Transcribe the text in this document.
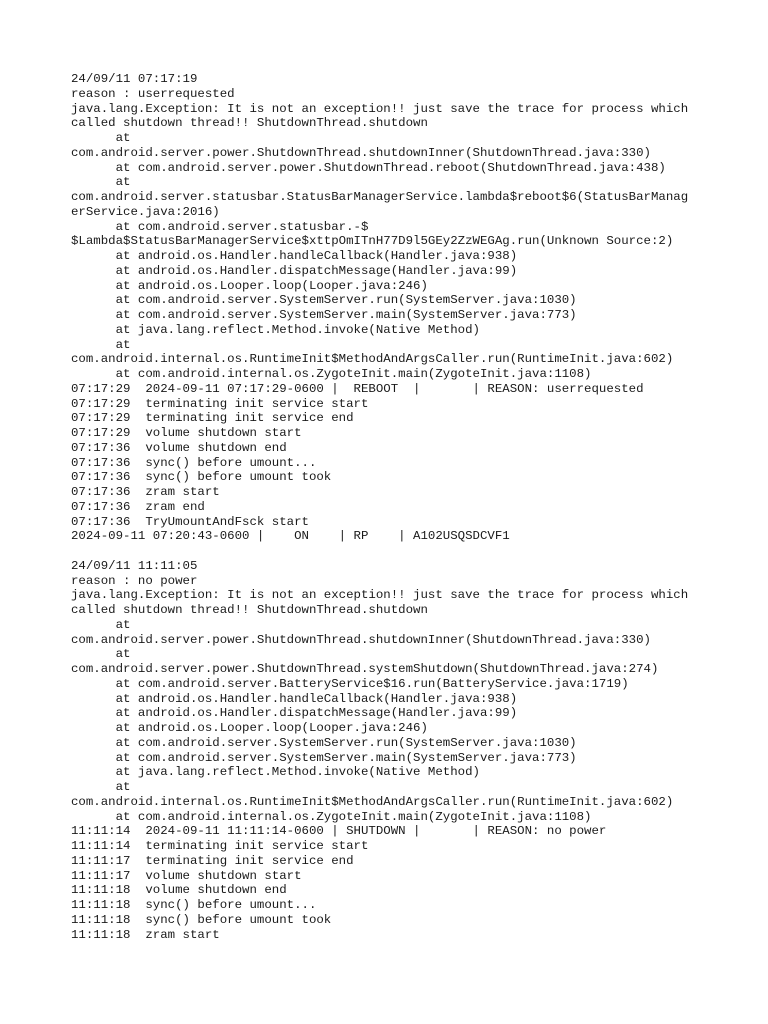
24/09/11 07:17:19
reason : userrequested
java.lang.Exception: It is not an exception!! just save the trace for process which
called shutdown thread!! ShutdownThread.shutdown
at
com.android.server.power.ShutdownThread.shutdownInner(ShutdownThread.java:330)
at com.android.server.power.ShutdownThread.reboot(ShutdownThread.java:438)
at
com.android.server.statusbar.StatusBarManagerService.lambda$reboot$6(StatusBarManag
erService.java:2016)
at com.android.server.statusbar.-$
$Lambda$StatusBarManagerService$xttpOmITnH77D9l5GEy2ZzWEGAg.run(Unknown Source:2)
at android.os.Handler.handleCallback(Handler.java:938)
at android.os.Handler.dispatchMessage(Handler.java:99)
at android.os.Looper.loop(Looper.java:246)
at com.android.server.SystemServer.run(SystemServer.java:1030)
at com.android.server.SystemServer.main(SystemServer.java:773)
at java.lang.reflect.Method.invoke(Native Method)
at
com.android.internal.os.RuntimeInit$MethodAndArgsCaller.run(RuntimeInit.java:602)
at com.android.internal.os.ZygoteInit.main(ZygoteInit.java:1108)
07:17:29  2024-09-11 07:17:29-0600 |  REBOOT  |       | REASON: userrequested
07:17:29  terminating init service start
07:17:29  terminating init service end
07:17:29  volume shutdown start
07:17:36  volume shutdown end
07:17:36  sync() before umount...
07:17:36  sync() before umount took
07:17:36  zram start
07:17:36  zram end
07:17:36  TryUmountAndFsck start
2024-09-11 07:20:43-0600 |    ON    | RP    | A102USQSDCVF1
24/09/11 11:11:05
reason : no power
java.lang.Exception: It is not an exception!! just save the trace for process which
called shutdown thread!! ShutdownThread.shutdown
at
com.android.server.power.ShutdownThread.shutdownInner(ShutdownThread.java:330)
at
com.android.server.power.ShutdownThread.systemShutdown(ShutdownThread.java:274)
at com.android.server.BatteryService$16.run(BatteryService.java:1719)
at android.os.Handler.handleCallback(Handler.java:938)
at android.os.Handler.dispatchMessage(Handler.java:99)
at android.os.Looper.loop(Looper.java:246)
at com.android.server.SystemServer.run(SystemServer.java:1030)
at com.android.server.SystemServer.main(SystemServer.java:773)
at java.lang.reflect.Method.invoke(Native Method)
at
com.android.internal.os.RuntimeInit$MethodAndArgsCaller.run(RuntimeInit.java:602)
at com.android.internal.os.ZygoteInit.main(ZygoteInit.java:1108)
11:11:14  2024-09-11 11:11:14-0600 | SHUTDOWN |       | REASON: no power
11:11:14  terminating init service start
11:11:17  terminating init service end
11:11:17  volume shutdown start
11:11:18  volume shutdown end
11:11:18  sync() before umount...
11:11:18  sync() before umount took
11:11:18  zram start
